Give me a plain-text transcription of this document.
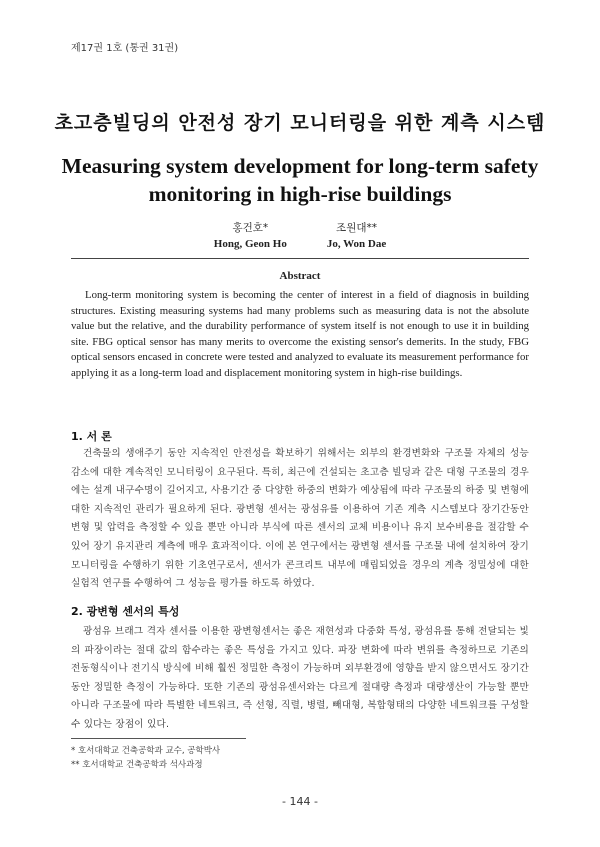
제17권 1호 (통권 31권)
초고층빌딩의 안전성 장기 모니터링을 위한 계측 시스템
Measuring system development for long-term safety
monitoring in high-rise buildings
홍건호*
Hong, Geon Ho
조원대**
Jo, Won Dae
Abstract
Long-term monitoring system is becoming the center of interest in a field of diagnosis in building structures. Existing measuring systems had many problems such as measuring data is not the absolute value but the relative, and the durability performance of system itself is not enough to use it in building site. FBG optical sensor has many merits to overcome the existing sensor's demerits. In the study, FBG optical sensors encased in concrete were tested and analyzed to evaluate its measurement performance for applying it as a long-term load and displacement monitoring system in high-rise buildings.
1. 서 론
건축물의 생애주기 동안 지속적인 안전성을 확보하기 위해서는 외부의 환경변화와 구조물 자체의 성능 감소에 대한 계속적인 모니터링이 요구된다. 특히, 최근에 건설되는 초고층 빌딩과 같은 대형 구조물의 경우에는 설계 내구수명이 길어지고, 사용기간 중 다양한 하중의 변화가 예상됨에 따라 구조물의 하중 및 변형에 대한 지속적인 관리가 필요하게 된다. 광변형 센서는 광섬유를 이용하여 기존 계측 시스템보다 장기간동안 변형 및 압력을 측정할 수 있을 뿐만 아니라 부식에 따른 센서의 교체 비용이나 유지 보수비용을 절감할 수 있어 장기 유지관리 계측에 매우 효과적이다. 이에 본 연구에서는 광변형 센서를 구조물 내에 설치하여 장기 모니터링을 수행하기 위한 기초연구로서, 센서가 콘크리트 내부에 매립되었을 경우의 계측 정밀성에 대한 실험적 연구를 수행하여 그 성능을 평가를 하도록 하였다.
2. 광변형 센서의 특성
광섬유 브래그 격자 센서를 이용한 광변형센서는 좋은 재현성과 다중화 특성, 광섬유를 통해 전달되는 빛의 파장이라는 절대 값의 함수라는 좋은 특성을 가지고 있다. 파장 변화에 따라 변위를 측정하므로 기존의 전동형식이나 전기식 방식에 비해 훨씬 정밀한 측정이 가능하며 외부환경에 영향을 받지 않으면서도 장기간동안 정밀한 측정이 가능하다. 또한 기존의 광섬유센서와는 다르게 절대량 측정과 대량생산이 가능할 뿐만 아니라 구조물에 따라 특별한 네트워크, 즉 선형, 직렬, 병렬, 빼대형, 복합형태의 다양한 네트워크를 구성할 수 있다는 장점이 있다.
* 호서대학교 건축공학과 교수, 공학박사
** 호서대학교 건축공학과 석사과정
- 144 -
